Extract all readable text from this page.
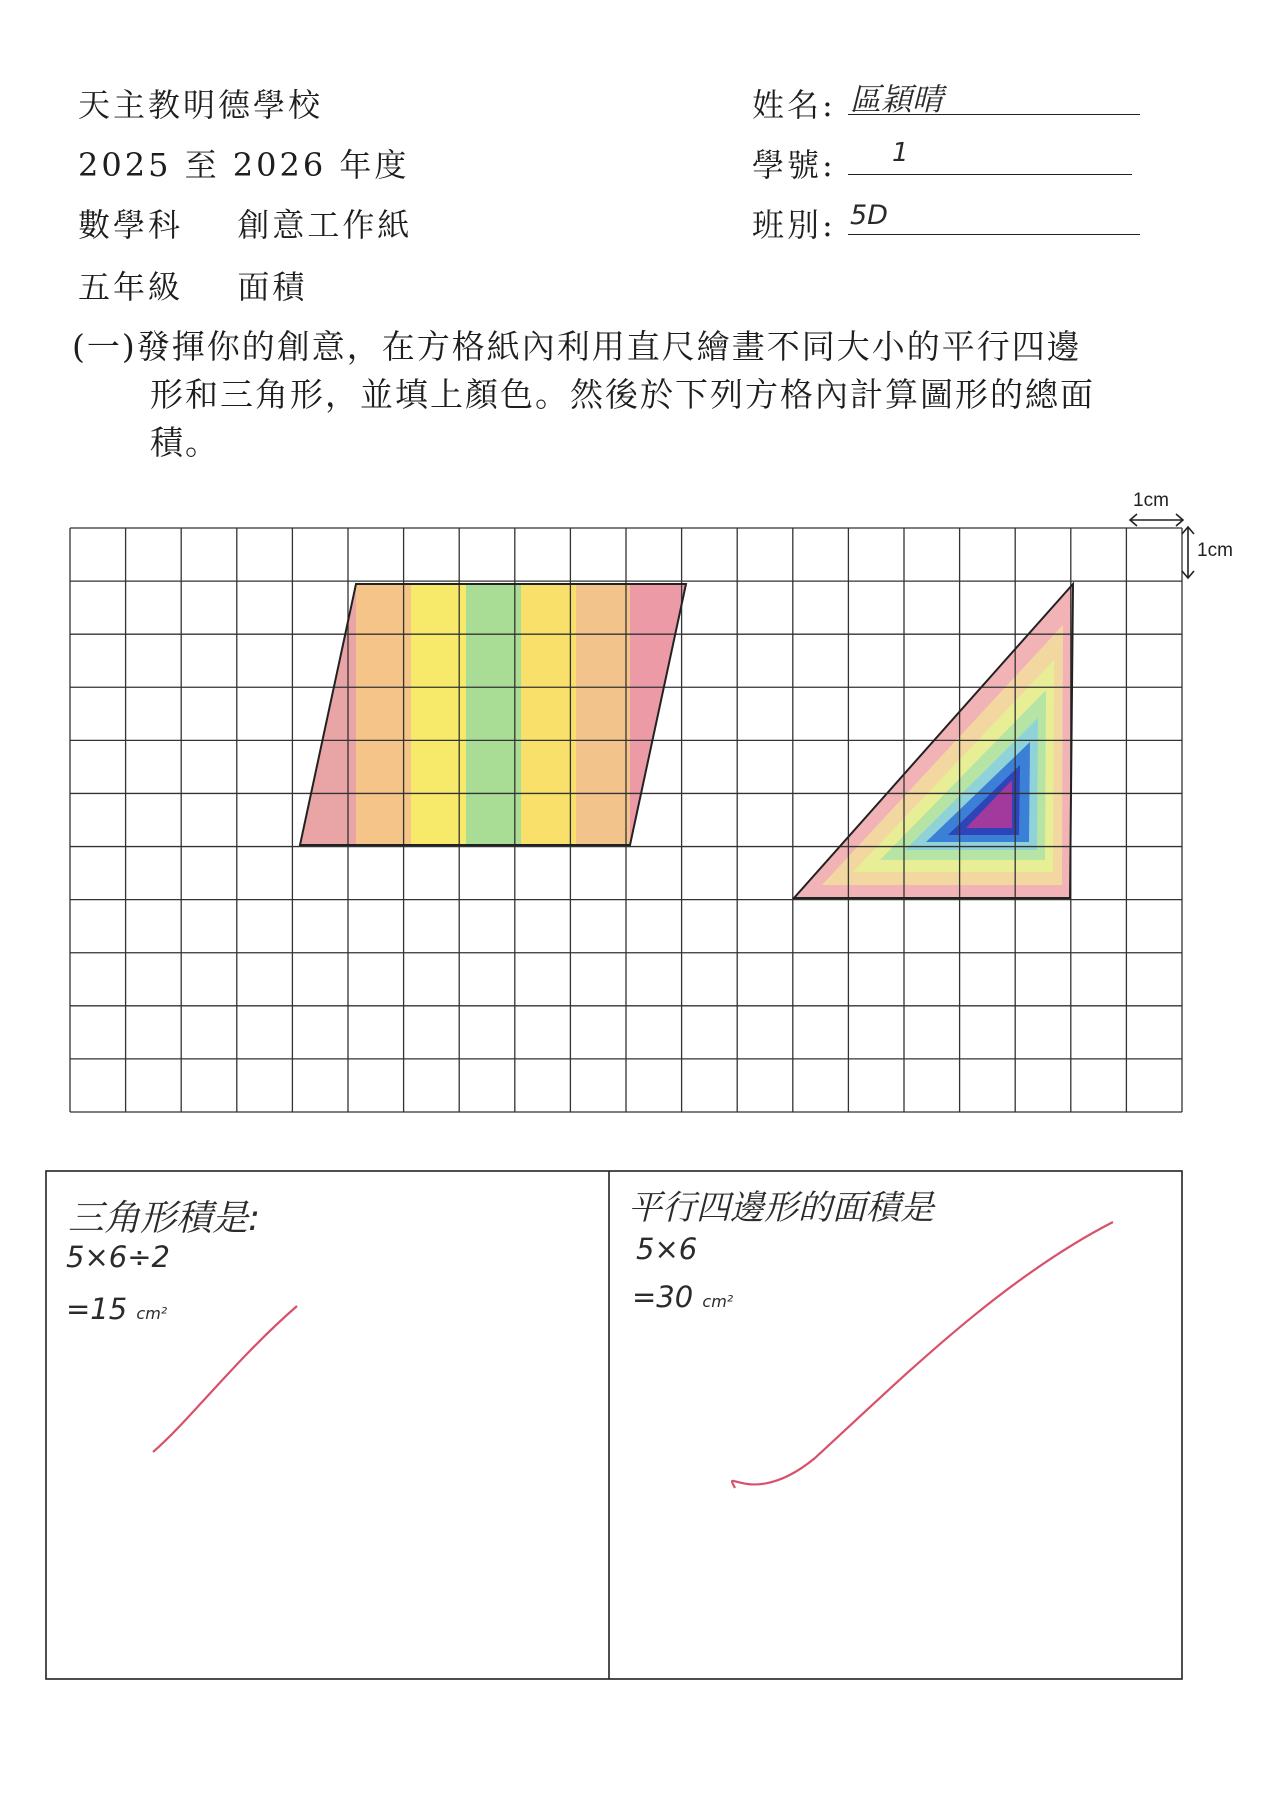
天主教明德學校
2025 至 2026 年度
數學科 創意工作紙
五年級 面積
姓名: 區穎晴
學號: 1
班別: 5D
(一)發揮你的創意，在方格紙內利用直尺繪畫不同大小的平行四邊
形和三角形，並填上顏色。然後於下列方格內計算圖形的總面
積。
1cm
1cm
三角形積是:
5×6÷2
=15 cm²
平行四邊形的面積是
5×6
=30 cm²
